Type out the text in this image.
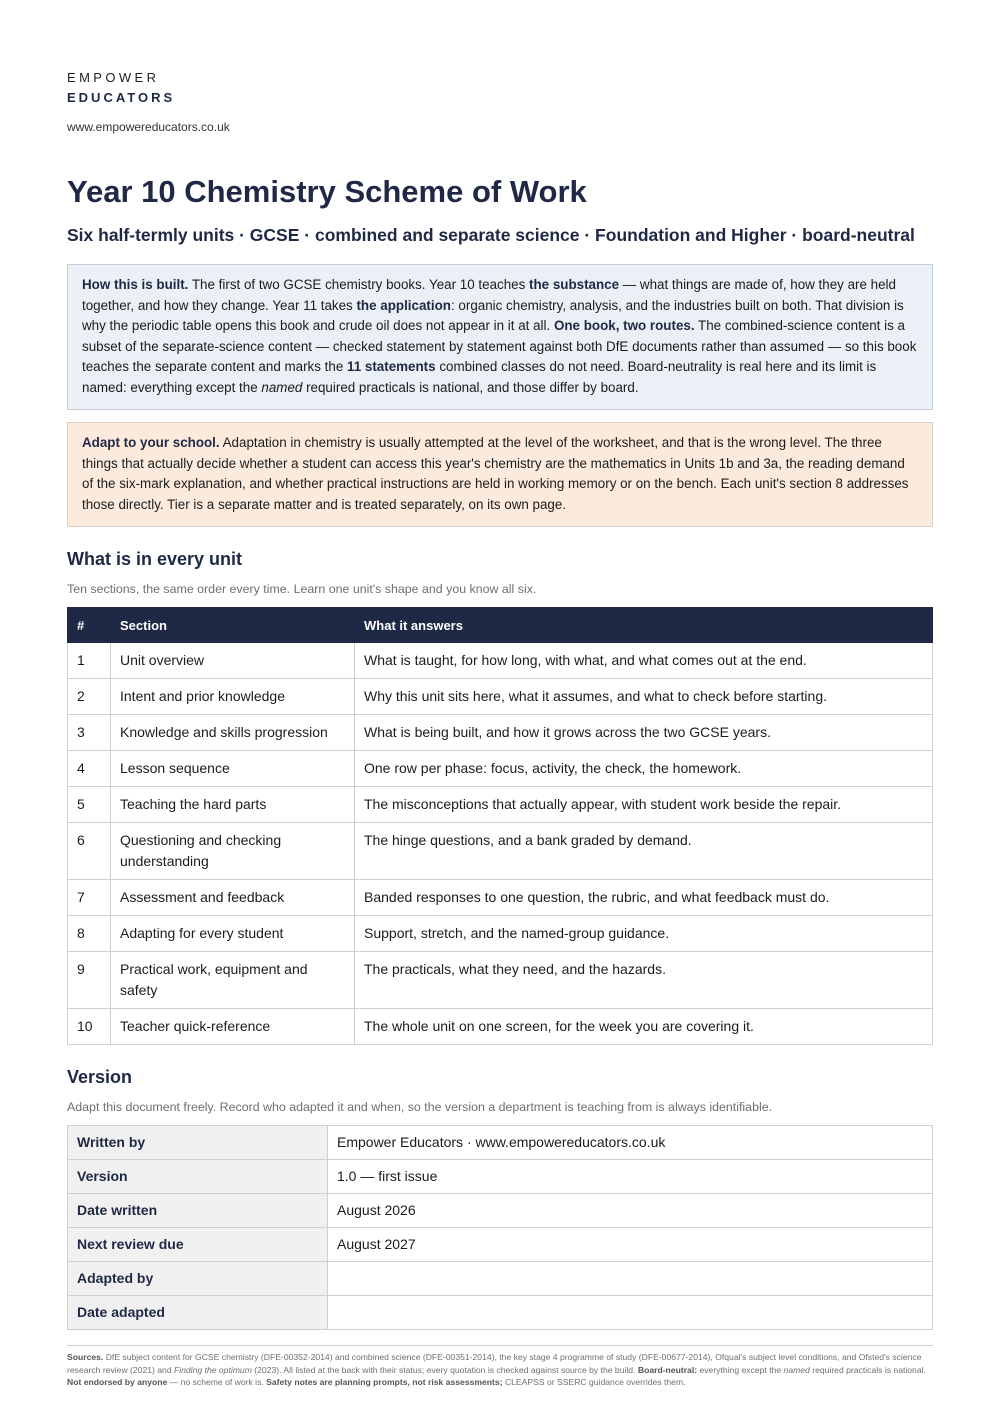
EMPOWER
EDUCATORS
www.empowereducators.co.uk
Year 10 Chemistry Scheme of Work
Six half-termly units · GCSE · combined and separate science · Foundation and Higher · board-neutral
How this is built. The first of two GCSE chemistry books. Year 10 teaches the substance — what things are made of, how they are held together, and how they change. Year 11 takes the application: organic chemistry, analysis, and the industries built on both. That division is why the periodic table opens this book and crude oil does not appear in it at all. One book, two routes. The combined-science content is a subset of the separate-science content — checked statement by statement against both DfE documents rather than assumed — so this book teaches the separate content and marks the 11 statements combined classes do not need. Board-neutrality is real here and its limit is named: everything except the named required practicals is national, and those differ by board.
Adapt to your school. Adaptation in chemistry is usually attempted at the level of the worksheet, and that is the wrong level. The three things that actually decide whether a student can access this year's chemistry are the mathematics in Units 1b and 3a, the reading demand of the six-mark explanation, and whether practical instructions are held in working memory or on the bench. Each unit's section 8 addresses those directly. Tier is a separate matter and is treated separately, on its own page.
What is in every unit
Ten sections, the same order every time. Learn one unit's shape and you know all six.
#	Section	What it answers
1	Unit overview	What is taught, for how long, with what, and what comes out at the end.
2	Intent and prior knowledge	Why this unit sits here, what it assumes, and what to check before starting.
3	Knowledge and skills progression	What is being built, and how it grows across the two GCSE years.
4	Lesson sequence	One row per phase: focus, activity, the check, the homework.
5	Teaching the hard parts	The misconceptions that actually appear, with student work beside the repair.
6	Questioning and checking understanding	The hinge questions, and a bank graded by demand.
7	Assessment and feedback	Banded responses to one question, the rubric, and what feedback must do.
8	Adapting for every student	Support, stretch, and the named-group guidance.
9	Practical work, equipment and safety	The practicals, what they need, and the hazards.
10	Teacher quick-reference	The whole unit on one screen, for the week you are covering it.
Version
Adapt this document freely. Record who adapted it and when, so the version a department is teaching from is always identifiable.
Written by	Empower Educators · www.empowereducators.co.uk
Version	1.0 — first issue
Date written	August 2026
Next review due	August 2027
Adapted by	
Date adapted	
Sources. DfE subject content for GCSE chemistry (DFE-00352-2014) and combined science (DFE-00351-2014), the key stage 4 programme of study (DFE-00677-2014), Ofqual's subject level conditions, and Ofsted's science research review (2021) and Finding the optimum (2023). All listed at the back with their status; every quotation is checked against source by the build. Board-neutral: everything except the named required practicals is national. Not endorsed by anyone — no scheme of work is. Safety notes are planning prompts, not risk assessments; CLEAPSS or SSERC guidance overrides them.
